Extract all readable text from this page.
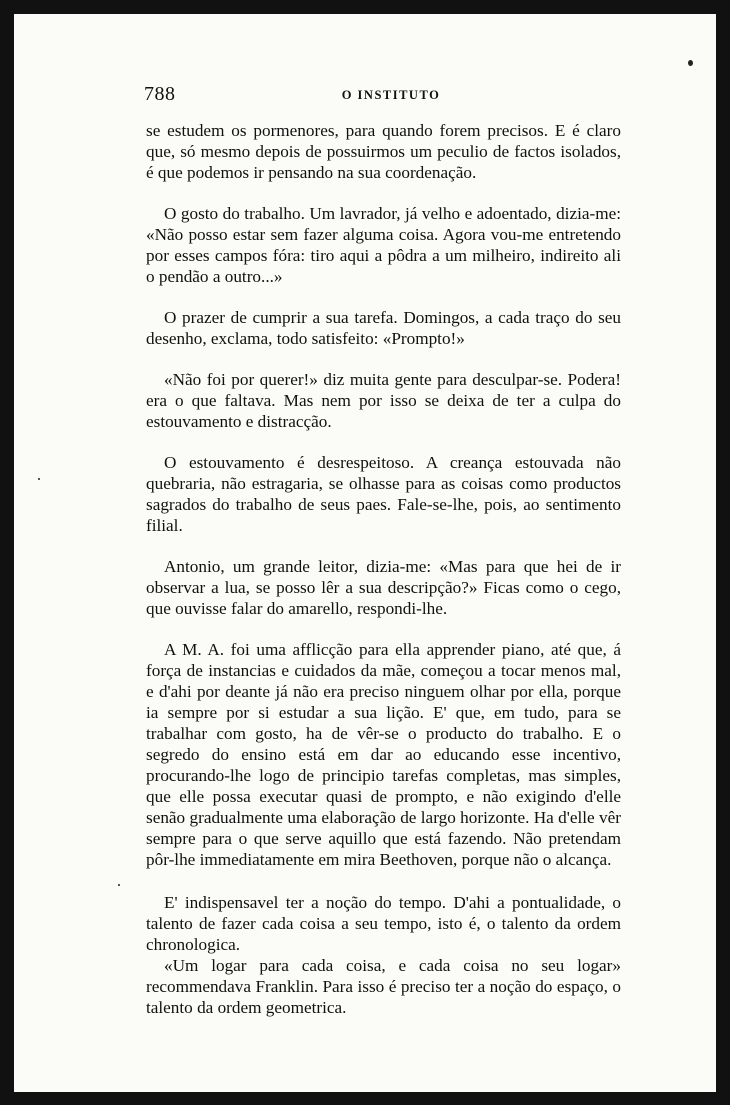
788	O INSTITUTO

se estudem os pormenores, para quando forem precisos. E é claro que, só mesmo depois de possuirmos um peculio de factos isolados, é que podemos ir pensando na sua coordenação.

O gosto do trabalho. Um lavrador, já velho e adoentado, dizia-me: «Não posso estar sem fazer alguma coisa. Agora vou-me entretendo por esses campos fóra: tiro aqui a pôdra a um milheiro, indireito ali o pendão a outro...»

O prazer de cumprir a sua tarefa. Domingos, a cada traço do seu desenho, exclama, todo satisfeito: «Prompto!»

«Não foi por querer!» diz muita gente para desculpar-se. Podera! era o que faltava. Mas nem por isso se deixa de ter a culpa do estouvamento e distracção.

O estouvamento é desrespeitoso. A creança estouvada não quebraria, não estragaria, se olhasse para as coisas como productos sagrados do trabalho de seus paes. Fale-se-lhe, pois, ao sentimento filial.

Antonio, um grande leitor, dizia-me: «Mas para que hei de ir observar a lua, se posso lêr a sua descripção?» Ficas como o cego, que ouvisse falar do amarello, respondi-lhe.

A M. A. foi uma afflicção para ella apprender piano, até que, á força de instancias e cuidados da mãe, começou a tocar menos mal, e d'ahi por deante já não era preciso ninguem olhar por ella, porque ia sempre por si estudar a sua lição. E' que, em tudo, para se trabalhar com gosto, ha de vêr-se o producto do trabalho. E o segredo do ensino está em dar ao educando esse incentivo, procurando-lhe logo de principio tarefas completas, mas simples, que elle possa executar quasi de prompto, e não exigindo d'elle senão gradualmente uma elaboração de largo horizonte. Ha d'elle vêr sempre para o que serve aquillo que está fazendo. Não pretendam pôr-lhe immediatamente em mira Beethoven, porque não o alcança.

E' indispensavel ter a noção do tempo. D'ahi a pontualidade, o talento de fazer cada coisa a seu tempo, isto é, o talento da ordem chronologica.

«Um logar para cada coisa, e cada coisa no seu logar» recommendava Franklin. Para isso é preciso ter a noção do espaço, o talento da ordem geometrica.
